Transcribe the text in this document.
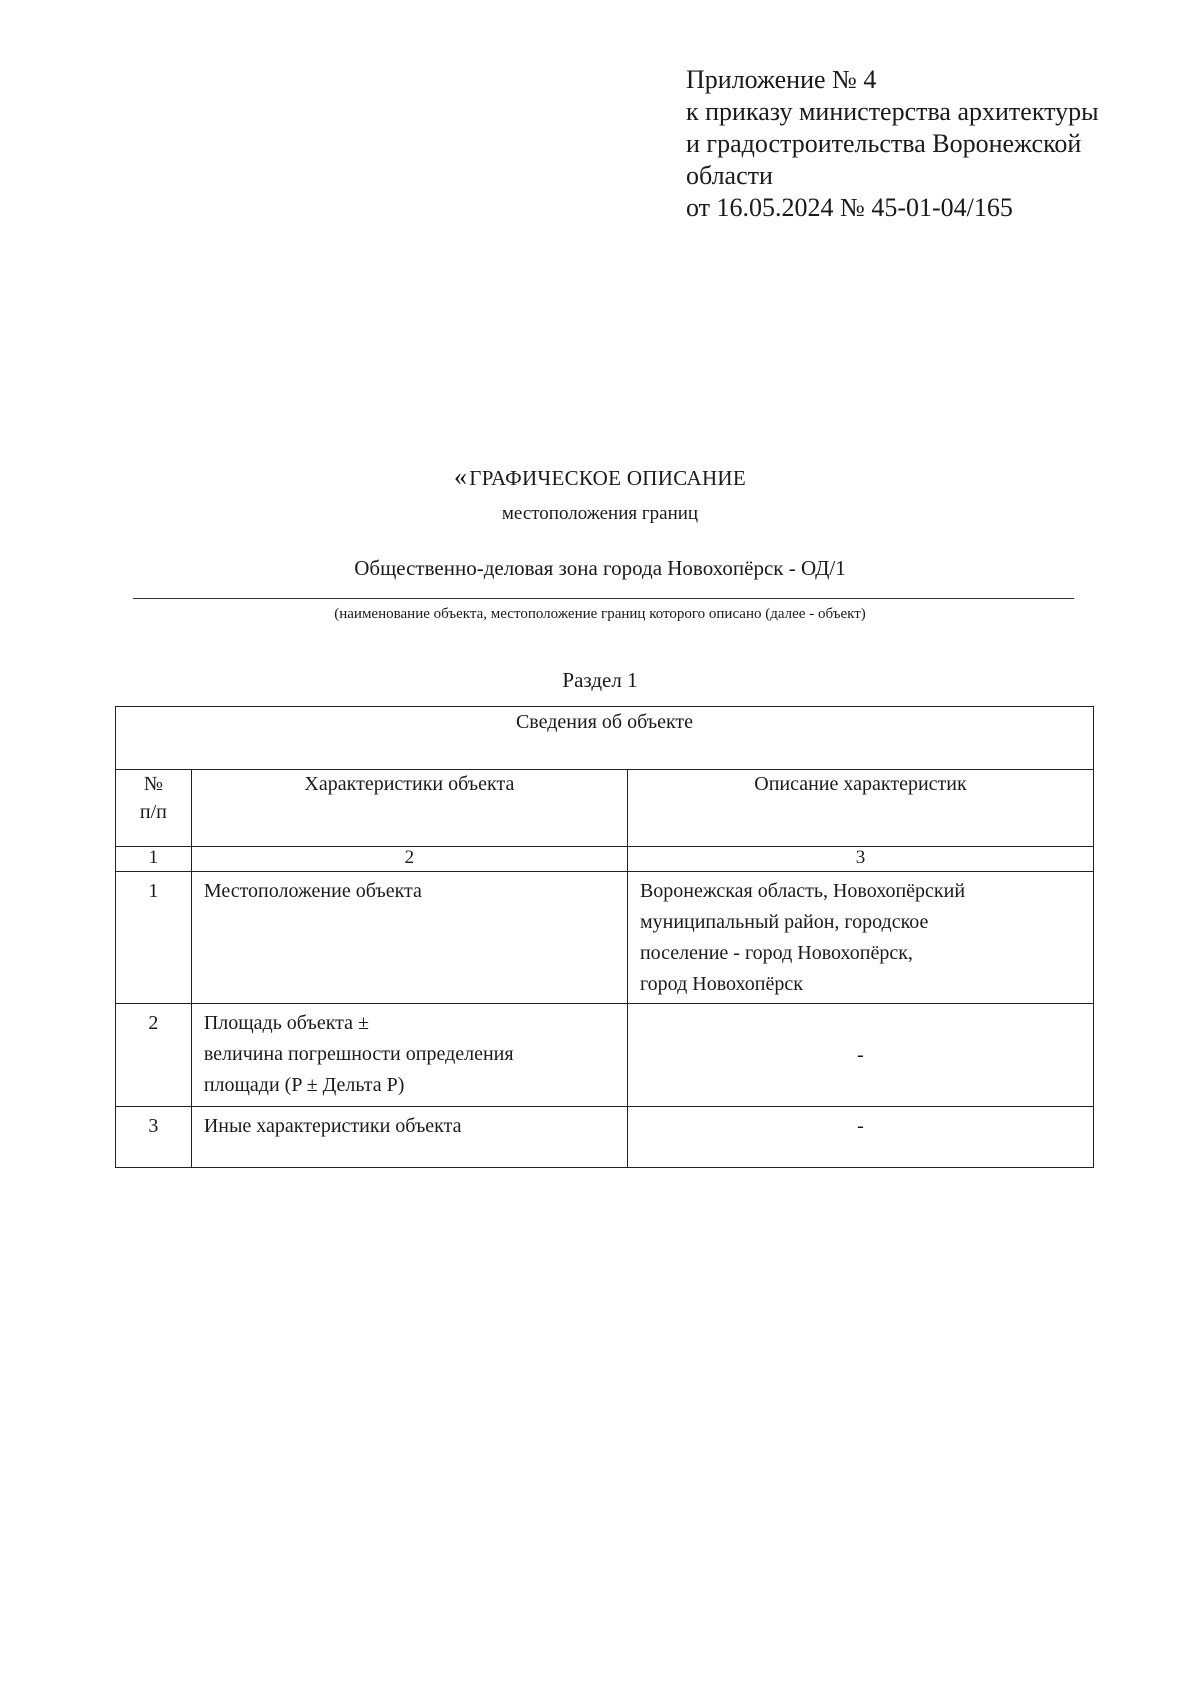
Приложение № 4
к приказу министерства архитектуры
и градостроительства Воронежской
области
от 16.05.2024 № 45-01-04/165
«ГРАФИЧЕСКОЕ ОПИСАНИЕ
местоположения границ
Общественно-деловая зона города Новохопёрск - ОД/1
(наименование объекта, местоположение границ которого описано (далее - объект)
Раздел 1
Сведения об объекте		

№
п/п	Характеристики объекта	Описание характеристик
1	2	3
1	Местоположение объекта	Воронежская область, Новохопёрский
муниципальный район, городское
поселение - город Новохопёрск,
город Новохопёрск

2	Площадь объекта ±
величина погрешности определения
площади (P ± Дельта P)	-
3	Иные характеристики объекта	-
